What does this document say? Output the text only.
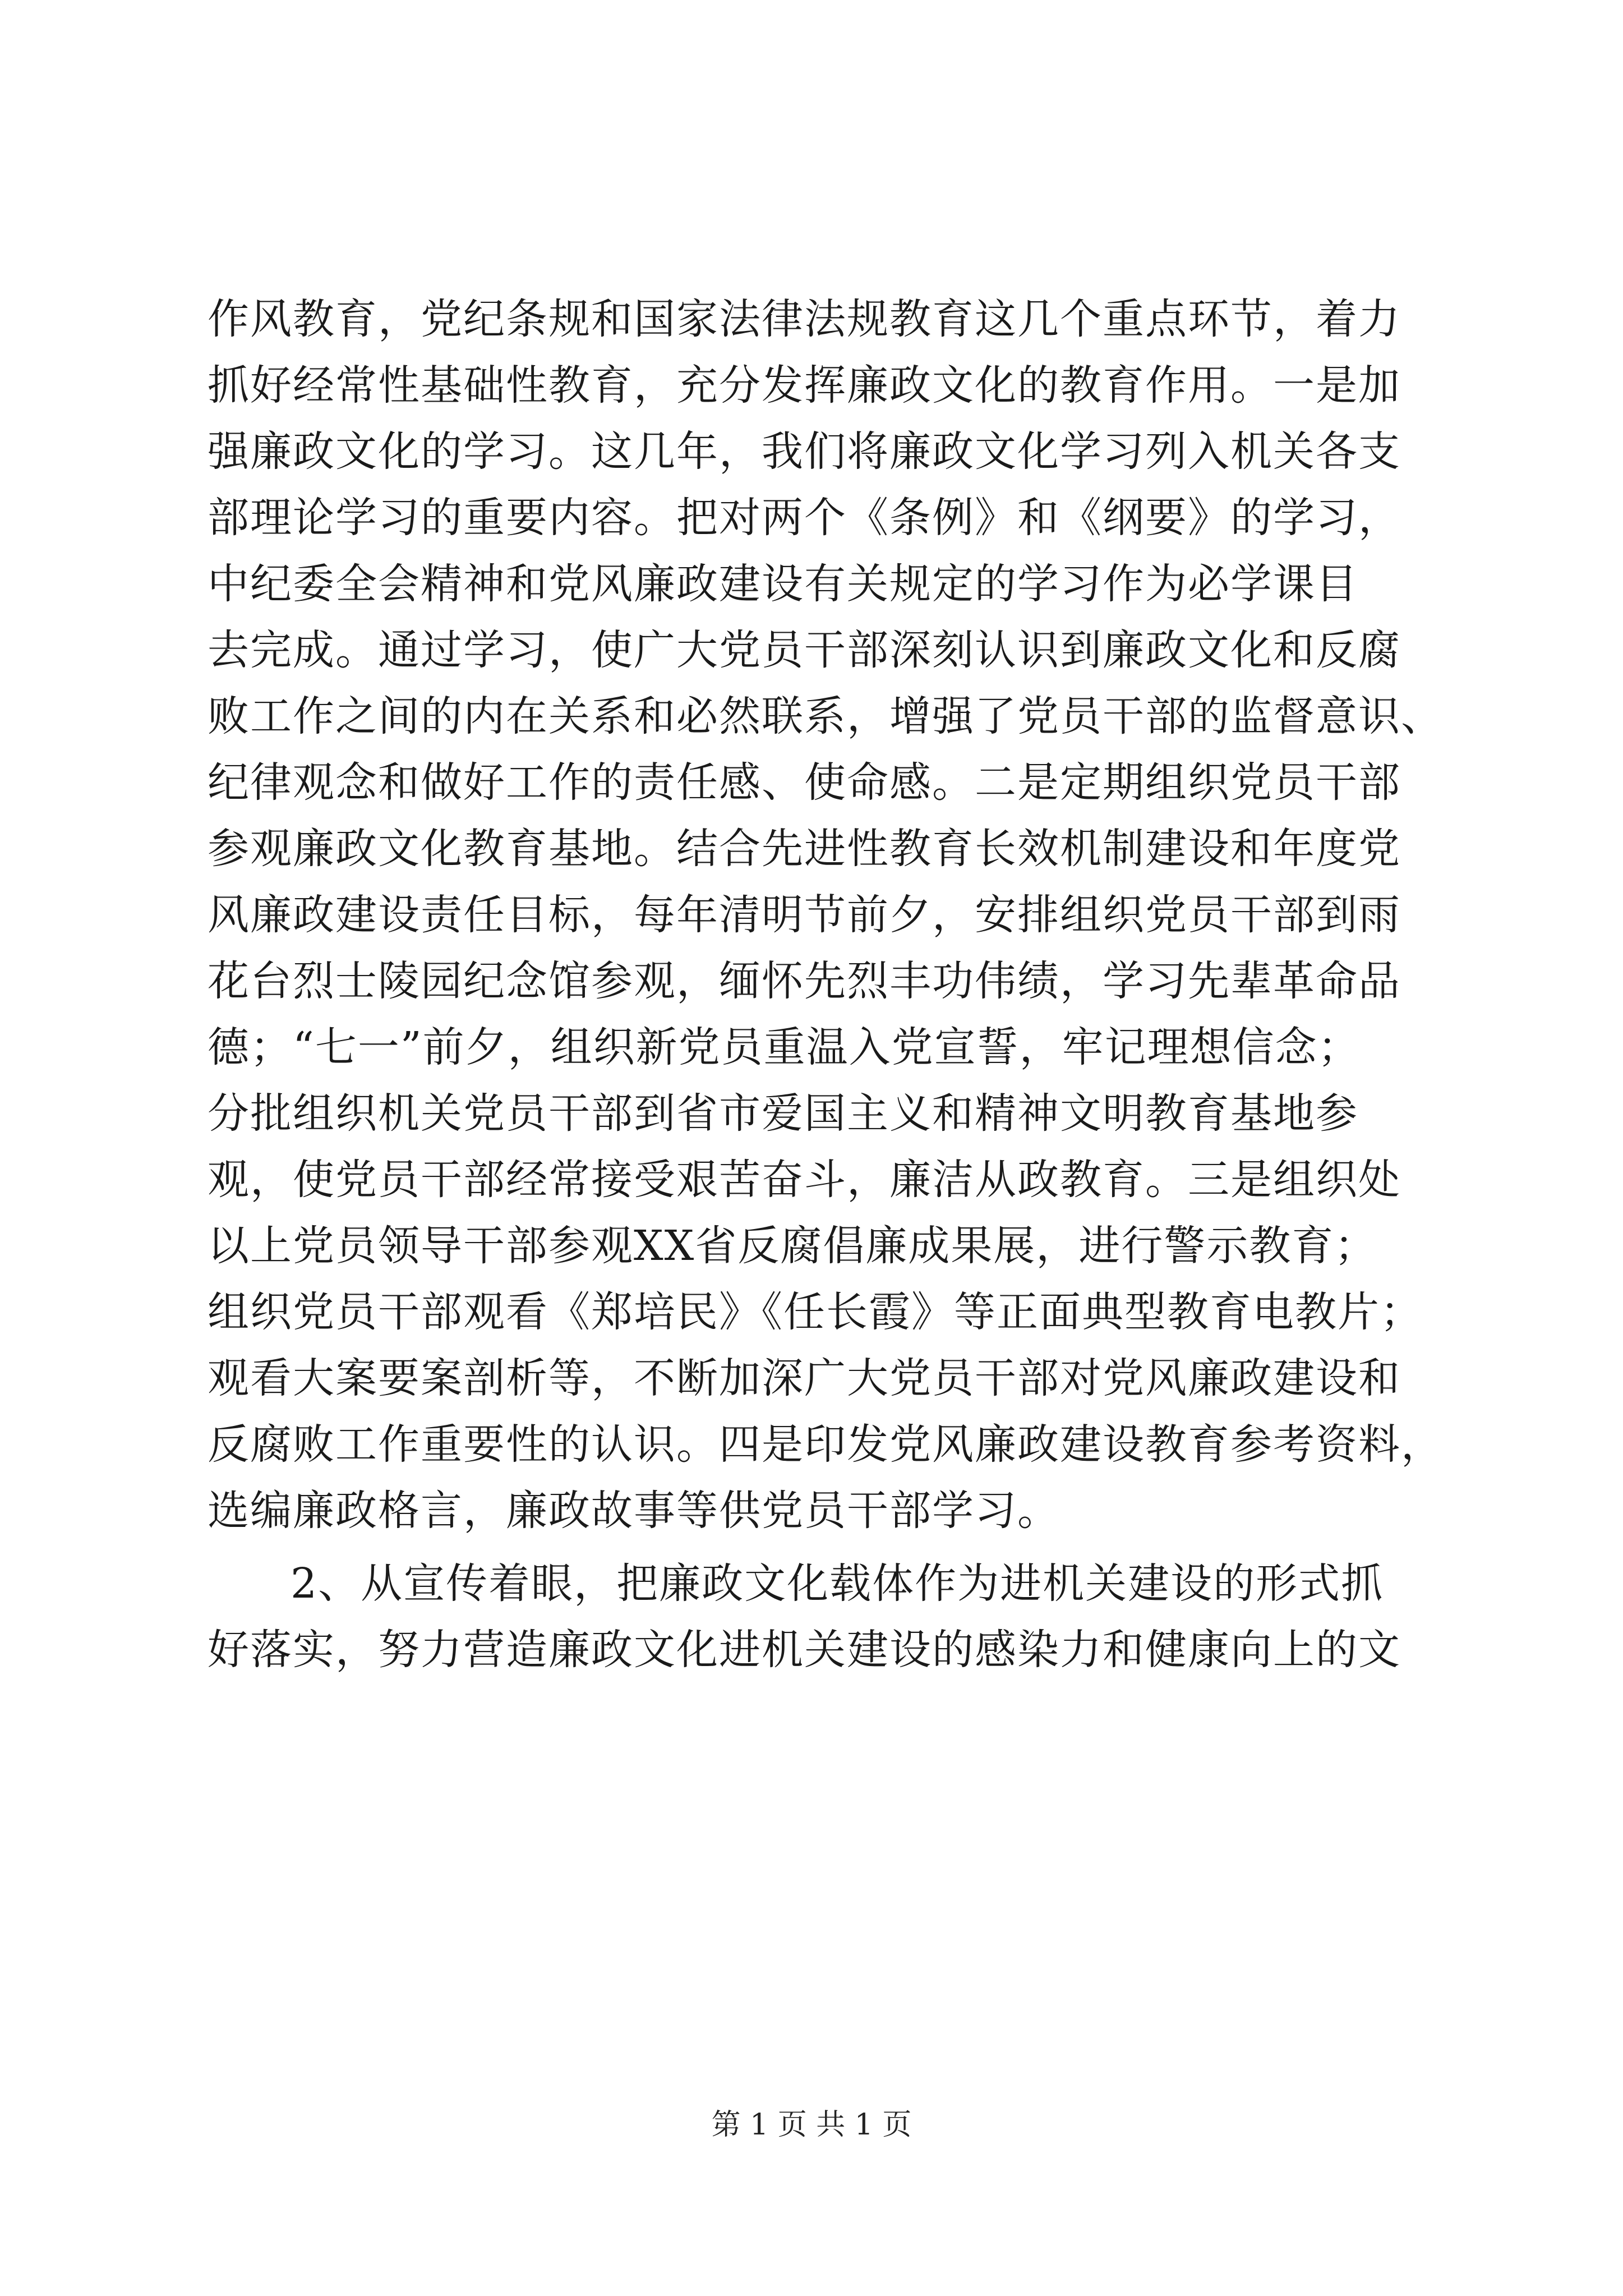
作风教育，党纪条规和国家法律法规教育这几个重点环节，着力
抓好经常性基础性教育，充分发挥廉政文化的教育作用。一是加
强廉政文化的学习。这几年，我们将廉政文化学习列入机关各支
部理论学习的重要内容。把对两个《条例》和《纲要》的学习，
中纪委全会精神和党风廉政建设有关规定的学习作为必学课目
去完成。通过学习，使广大党员干部深刻认识到廉政文化和反腐
败工作之间的内在关系和必然联系，增强了党员干部的监督意识、
纪律观念和做好工作的责任感、使命感。二是定期组织党员干部
参观廉政文化教育基地。结合先进性教育长效机制建设和年度党
风廉政建设责任目标，每年清明节前夕，安排组织党员干部到雨
花台烈士陵园纪念馆参观，缅怀先烈丰功伟绩，学习先辈革命品
德；“七一”前夕，组织新党员重温入党宣誓，牢记理想信念；
分批组织机关党员干部到省市爱国主义和精神文明教育基地参
观，使党员干部经常接受艰苦奋斗，廉洁从政教育。三是组织处
以上党员领导干部参观XX省反腐倡廉成果展，进行警示教育；
组织党员干部观看《郑培民》《任长霞》等正面典型教育电教片；
观看大案要案剖析等，不断加深广大党员干部对党风廉政建设和
反腐败工作重要性的认识。四是印发党风廉政建设教育参考资料，
选编廉政格言，廉政故事等供党员干部学习。
2、从宣传着眼，把廉政文化载体作为进机关建设的形式抓
好落实，努力营造廉政文化进机关建设的感染力和健康向上的文
第 1 页 共 1 页
